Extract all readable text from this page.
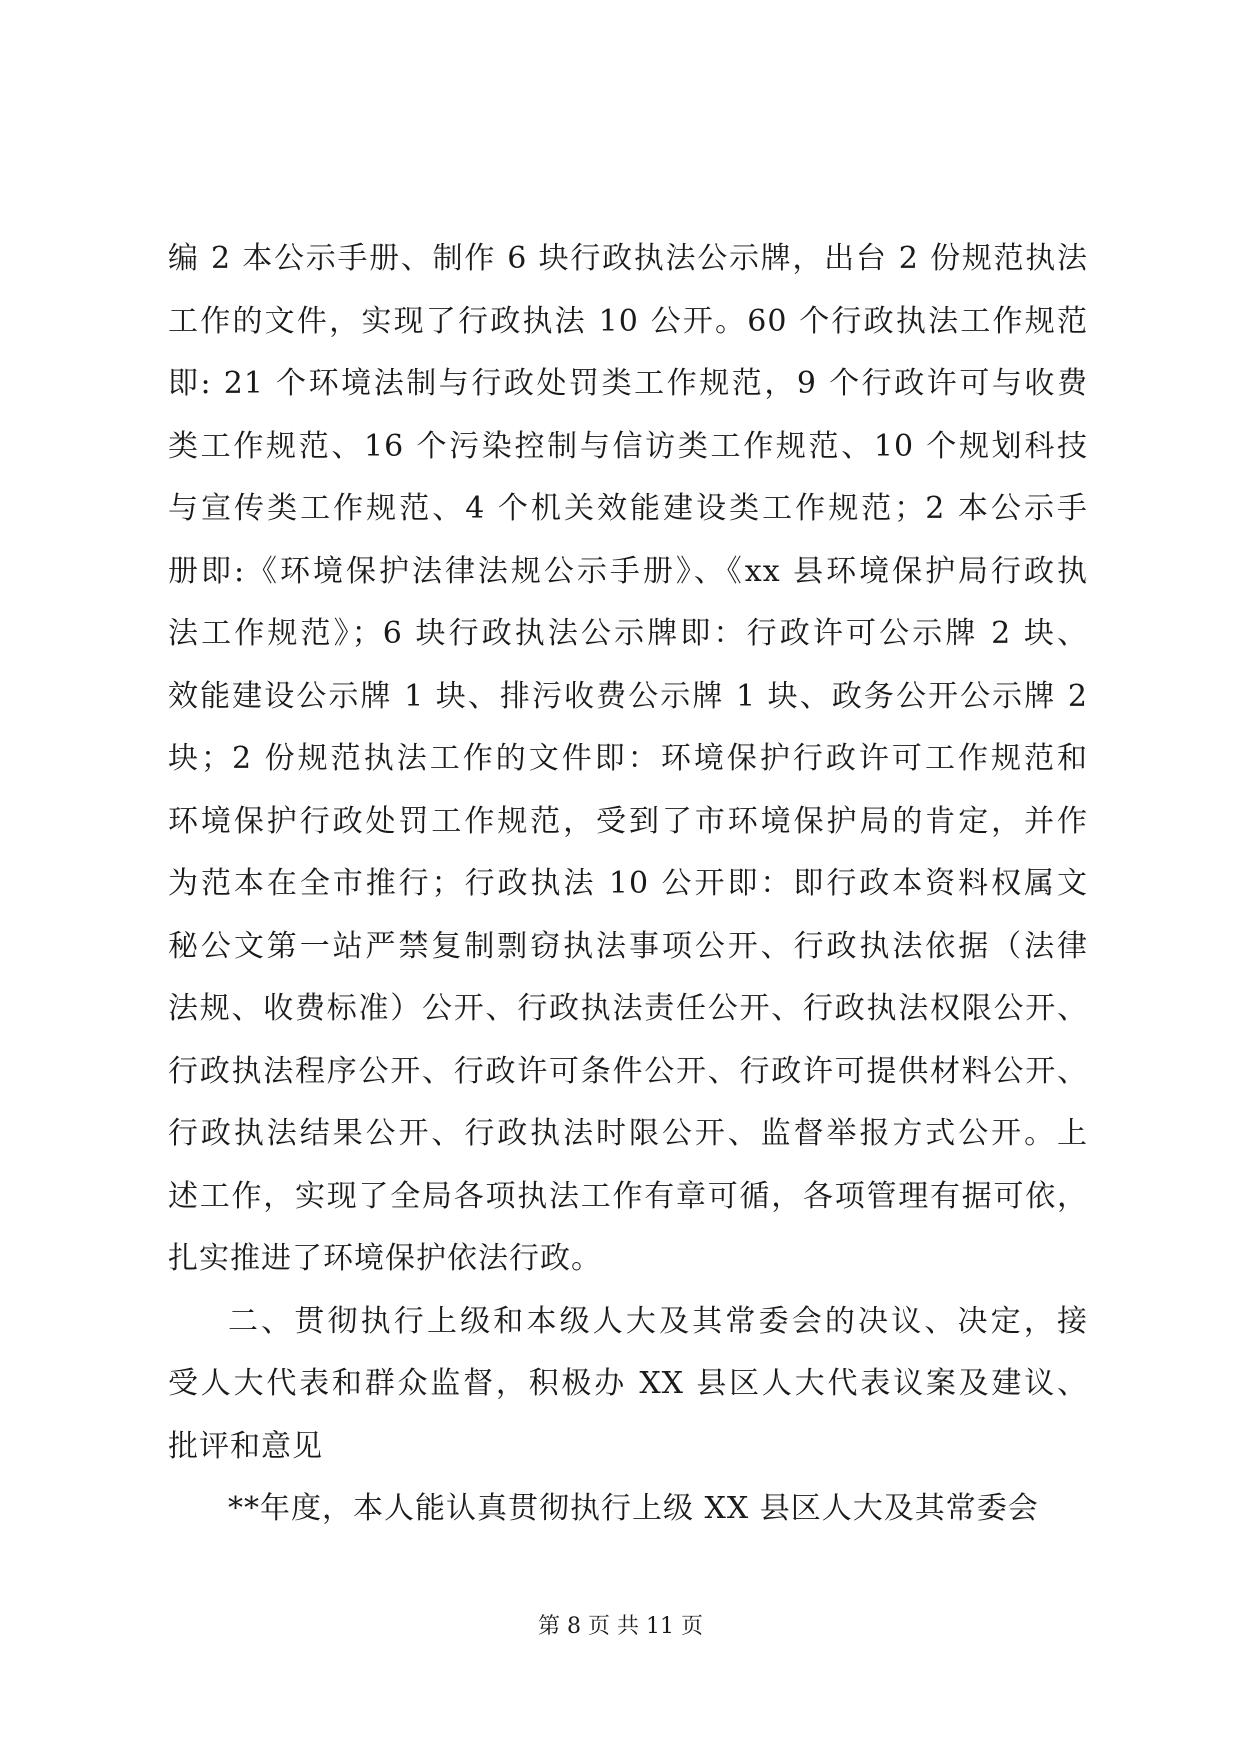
编 2 本公示手册、制作 6 块行政执法公示牌，出台 2 份规范执法
工作的文件，实现了行政执法 10 公开。60 个行政执法工作规范
即: 21 个环境法制与行政处罚类工作规范，9 个行政许可与收费
类工作规范、16 个污染控制与信访类工作规范、10 个规划科技
与宣传类工作规范、4 个机关效能建设类工作规范；2 本公示手
册即:《环境保护法律法规公示手册》、《xx 县环境保护局行政执
法工作规范》；6 块行政执法公示牌即：行政许可公示牌 2 块、
效能建设公示牌 1 块、排污收费公示牌 1 块、政务公开公示牌 2
块；2 份规范执法工作的文件即：环境保护行政许可工作规范和
环境保护行政处罚工作规范，受到了市环境保护局的肯定，并作
为范本在全市推行；行政执法 10 公开即：即行政本资料权属文
秘公文第一站严禁复制剽窃执法事项公开、行政执法依据（法律
法规、收费标准）公开、行政执法责任公开、行政执法权限公开、
行政执法程序公开、行政许可条件公开、行政许可提供材料公开、
行政执法结果公开、行政执法时限公开、监督举报方式公开。上
述工作，实现了全局各项执法工作有章可循，各项管理有据可依，
扎实推进了环境保护依法行政。
二、贯彻执行上级和本级人大及其常委会的决议、决定，接
受人大代表和群众监督，积极办 XX 县区人大代表议案及建议、
批评和意见
**年度，本人能认真贯彻执行上级 XX 县区人大及其常委会
第 8 页 共 11 页
